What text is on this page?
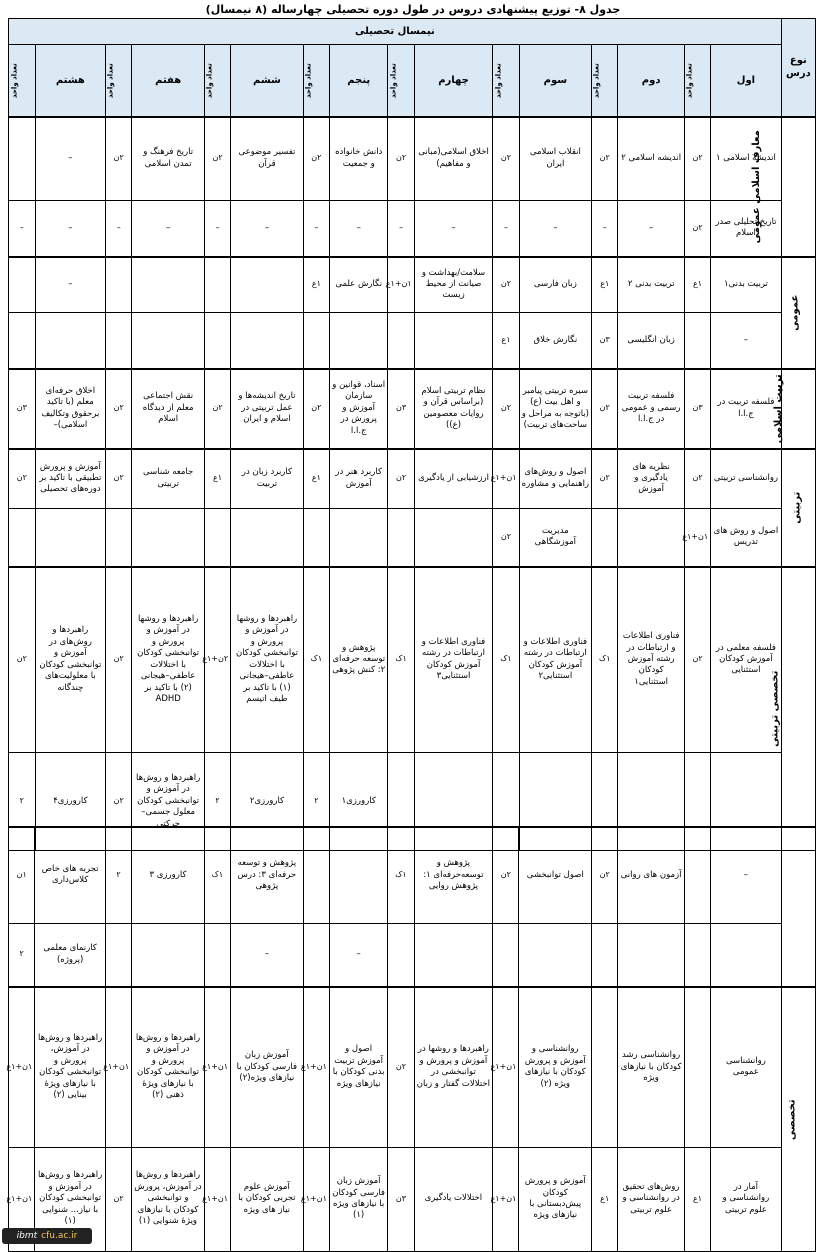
جدول ۸- توزیع پیشنهادی دروس در طول دوره تحصیلی چهارساله (۸ نیمسال)
نوع درس	نیمسال تحصیلی															
	اول	تعداد واحد	دوم	تعداد واحد	سوم	تعداد واحد	چهارم	تعداد واحد	پنجم	تعداد واحد	ششم	تعداد واحد	هفتم	تعداد واحد	هشتم	تعداد واحد
معارف اسلامی عمومی	اندیشه اسلامی ۱	۲ن	اندیشه اسلامی ۲	۲ن	انقلاب اسلامی ایران	۲ن	اخلاق اسلامی(مبانی و مفاهیم)	۲ن	دانش خانواده و جمعیت	۲ن	تفسیر موضوعی قرآن	۲ن	تاریخ فرهنگ و تمدن اسلامی	۲ن	–	
	تاریخ تحلیلی صدر اسلام	۲ن	–	–	–	–	–	–	–	–	–	–	–	–	–	–
عمومی	تربیت بدنی۱	۱ع	تربیت بدنی ۲	۱ع	زبان فارسی	۲ن	سلامت/بهداشت و صیانت از محیط زیست	۱ن+۱ع	نگارش علمی	۱ع					–	
	–		زبان انگلیسی	۳ن	نگارش خلاق	۱ع										
تربیت اسلامی	فلسفه تربیت در ج.ا.ا	۳ن	فلسفه تربیت رسمی و عمومی در ج.ا.ا	۲ن	سیره تربیتی پیامبر و اهل بیت (ع) (باتوجه به مراحل و ساحت‌های تربیت)	۲ن	نظام تربیتی اسلام (براساس قرآن و روایات معصومین (ع))	۳ن	اسناد، قوانین و سازمان آموزش و پرورش در ج.ا.ا	۲ن	تاریخ اندیشه‌ها و عمل تربیتی در اسلام و ایران	۲ن	نقش اجتماعی معلم از دیدگاه اسلام	۲ن	اخلاق حرفه‌ای معلم (با تاکید برحقوق وتکالیف اسلامی)–	۳ن
تربیتی	روانشناسی تربیتی	۲ن	نظریه های یادگیری و آموزش	۲ن	اصول و روش‌های راهنمایی و مشاوره	۱ن+۱ع	ارزشیابی از یادگیری	۲ن	کاربرد هنر در آموزش	۱ع	کاربرد زبان در تربیت	۱ع	جامعه شناسی تربیتی	۲ن	آموزش و پرورش تطبیقی با تاکید بر دوره‌های تحصیلی	۲ن
	اصول و روش های تدریس	۱ن+۱ع			مدیریت آموزشگاهی	۲ن										
تخصصی تربیتی	فلسفه معلمی در آموزش کودکان استثنایی	۲ن	فناوری اطلاعات و ارتباطات در رشته آموزش کودکان استثنایی۱	۱ک	فناوری اطلاعات و ارتباطات در رشته آموزش کودکان استثنایی۲	۱ک	فناوری اطلاعات و ارتباطات در رشته آموزش کودکان استثنایی۳	۱ک	پژوهش و توسعه حرفه‌ای ۲: کنش پژوهی	۱ک	راهبردها و روشها در آموزش و پرورش و توانبخشی کودکان با اختلالات عاطفی–هیجانی (۱) با تاکید بر طیف اتیسم	۲ن+۱ع	راهبردها و روشها در آموزش و پرورش و توانبخشی کودکان با اختلالات عاطفی–هیجانی (۲) با تاکید بر ADHD	۲ن	راهبردها و روش‌های در آموزش و توانبخشی کودکان با معلولیت‌های چندگانه	۲ن
									کارورزی۱	۲	کارورزی۲	۲	راهبردها و روش‌ها در آموزش و توانبخشی کودکان معلول جسمی–حرکتی	۲ن	کارورزی۴	۲
	–		آزمون های روانی	۲ن	اصول توانبخشی	۲ن	پژوهش و توسعه‌حرفه‌ای ۱: پژوهش روایی	۱ک			پژوهش و توسعه حرفه‌ای ۳: درس پژوهی	۱ک	کارورزی ۳	۲	تجربه های خاص کلاس‌داری	۱ن
									–		–				کارنمای معلمی (پروژه)	۲
تخصصی	روانشناسی عمومی		روانشناسی رشد کودکان با نیازهای ویژه		روانشناسی و آموزش و پرورش کودکان با نیازهای ویژه (۲)	۱ن+۱ع	راهبردها و روشها در آموزش و پرورش و توانبخشی در اختلالات گفتار و زبان	۲ن	اصول و آموزش تربیت بدنی کودکان با نیازهای ویژه	۱ن+۱ع	آموزش زبان فارسی کودکان با نیازهای ویژه(۲)	۱ن+۱ع	راهبردها و روش‌ها در آموزش و پرورش و توانبخشی کودکان با نیازهای ویژهٔ ذهنی (۲)	۱ن+۱ع	راهبردها و روش‌ها در آموزش، پرورش و توانبخشی کودکان با نیازهای ویژهٔ بینایی (۲)	۱ن+۱ع
	آمار در روانشناسی و علوم تربیتی	۱ع	روش‌های تحقیق در روانشناسی و علوم تربیتی	۱ع	آموزش و پرورش کودکان پیش‌دبستانی با نیازهای ویژه	۱ن+۱ع	اختلالات یادگیری	۳ن	آموزش زبان فارسی کودکان با نیازهای ویژه (۱)	۱ن+۱ع	آموزش علوم تجربی کودکان با نیاز های ویژه	۱ن+۱ع	راهبردها و روش‌ها در آموزش، پرورش و توانبخشی کودکان با نیازهای ویژهٔ شنوایی (۱)	۲ن	راهبردها و روش‌ها در آموزش و توانبخشی کودکان با نیاز... شنوایی (۱)	۱ن+۱ع
ibmt cfu.ac.ir
